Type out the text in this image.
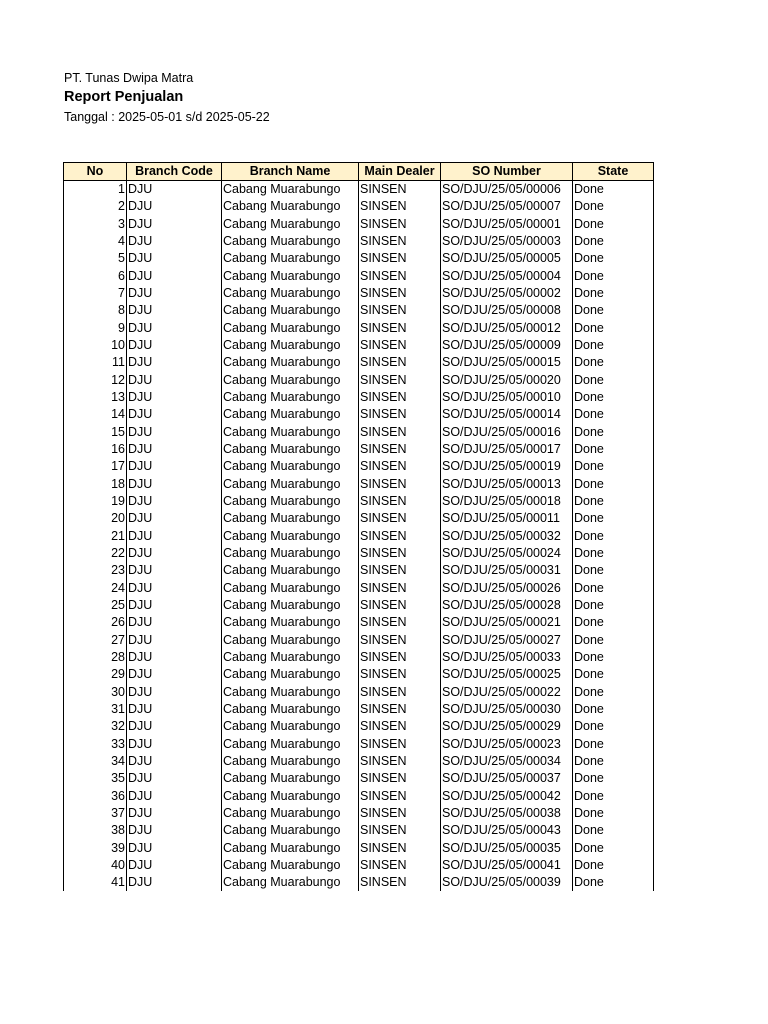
PT. Tunas Dwipa Matra
Report Penjualan
Tanggal : 2025-05-01 s/d 2025-05-22
No	Branch Code	Branch Name	Main Dealer	SO Number	State
1	DJU	Cabang Muarabungo	SINSEN	SO/DJU/25/05/00006	Done
2	DJU	Cabang Muarabungo	SINSEN	SO/DJU/25/05/00007	Done
3	DJU	Cabang Muarabungo	SINSEN	SO/DJU/25/05/00001	Done
4	DJU	Cabang Muarabungo	SINSEN	SO/DJU/25/05/00003	Done
5	DJU	Cabang Muarabungo	SINSEN	SO/DJU/25/05/00005	Done
6	DJU	Cabang Muarabungo	SINSEN	SO/DJU/25/05/00004	Done
7	DJU	Cabang Muarabungo	SINSEN	SO/DJU/25/05/00002	Done
8	DJU	Cabang Muarabungo	SINSEN	SO/DJU/25/05/00008	Done
9	DJU	Cabang Muarabungo	SINSEN	SO/DJU/25/05/00012	Done
10	DJU	Cabang Muarabungo	SINSEN	SO/DJU/25/05/00009	Done
11	DJU	Cabang Muarabungo	SINSEN	SO/DJU/25/05/00015	Done
12	DJU	Cabang Muarabungo	SINSEN	SO/DJU/25/05/00020	Done
13	DJU	Cabang Muarabungo	SINSEN	SO/DJU/25/05/00010	Done
14	DJU	Cabang Muarabungo	SINSEN	SO/DJU/25/05/00014	Done
15	DJU	Cabang Muarabungo	SINSEN	SO/DJU/25/05/00016	Done
16	DJU	Cabang Muarabungo	SINSEN	SO/DJU/25/05/00017	Done
17	DJU	Cabang Muarabungo	SINSEN	SO/DJU/25/05/00019	Done
18	DJU	Cabang Muarabungo	SINSEN	SO/DJU/25/05/00013	Done
19	DJU	Cabang Muarabungo	SINSEN	SO/DJU/25/05/00018	Done
20	DJU	Cabang Muarabungo	SINSEN	SO/DJU/25/05/00011	Done
21	DJU	Cabang Muarabungo	SINSEN	SO/DJU/25/05/00032	Done
22	DJU	Cabang Muarabungo	SINSEN	SO/DJU/25/05/00024	Done
23	DJU	Cabang Muarabungo	SINSEN	SO/DJU/25/05/00031	Done
24	DJU	Cabang Muarabungo	SINSEN	SO/DJU/25/05/00026	Done
25	DJU	Cabang Muarabungo	SINSEN	SO/DJU/25/05/00028	Done
26	DJU	Cabang Muarabungo	SINSEN	SO/DJU/25/05/00021	Done
27	DJU	Cabang Muarabungo	SINSEN	SO/DJU/25/05/00027	Done
28	DJU	Cabang Muarabungo	SINSEN	SO/DJU/25/05/00033	Done
29	DJU	Cabang Muarabungo	SINSEN	SO/DJU/25/05/00025	Done
30	DJU	Cabang Muarabungo	SINSEN	SO/DJU/25/05/00022	Done
31	DJU	Cabang Muarabungo	SINSEN	SO/DJU/25/05/00030	Done
32	DJU	Cabang Muarabungo	SINSEN	SO/DJU/25/05/00029	Done
33	DJU	Cabang Muarabungo	SINSEN	SO/DJU/25/05/00023	Done
34	DJU	Cabang Muarabungo	SINSEN	SO/DJU/25/05/00034	Done
35	DJU	Cabang Muarabungo	SINSEN	SO/DJU/25/05/00037	Done
36	DJU	Cabang Muarabungo	SINSEN	SO/DJU/25/05/00042	Done
37	DJU	Cabang Muarabungo	SINSEN	SO/DJU/25/05/00038	Done
38	DJU	Cabang Muarabungo	SINSEN	SO/DJU/25/05/00043	Done
39	DJU	Cabang Muarabungo	SINSEN	SO/DJU/25/05/00035	Done
40	DJU	Cabang Muarabungo	SINSEN	SO/DJU/25/05/00041	Done
41	DJU	Cabang Muarabungo	SINSEN	SO/DJU/25/05/00039	Done
